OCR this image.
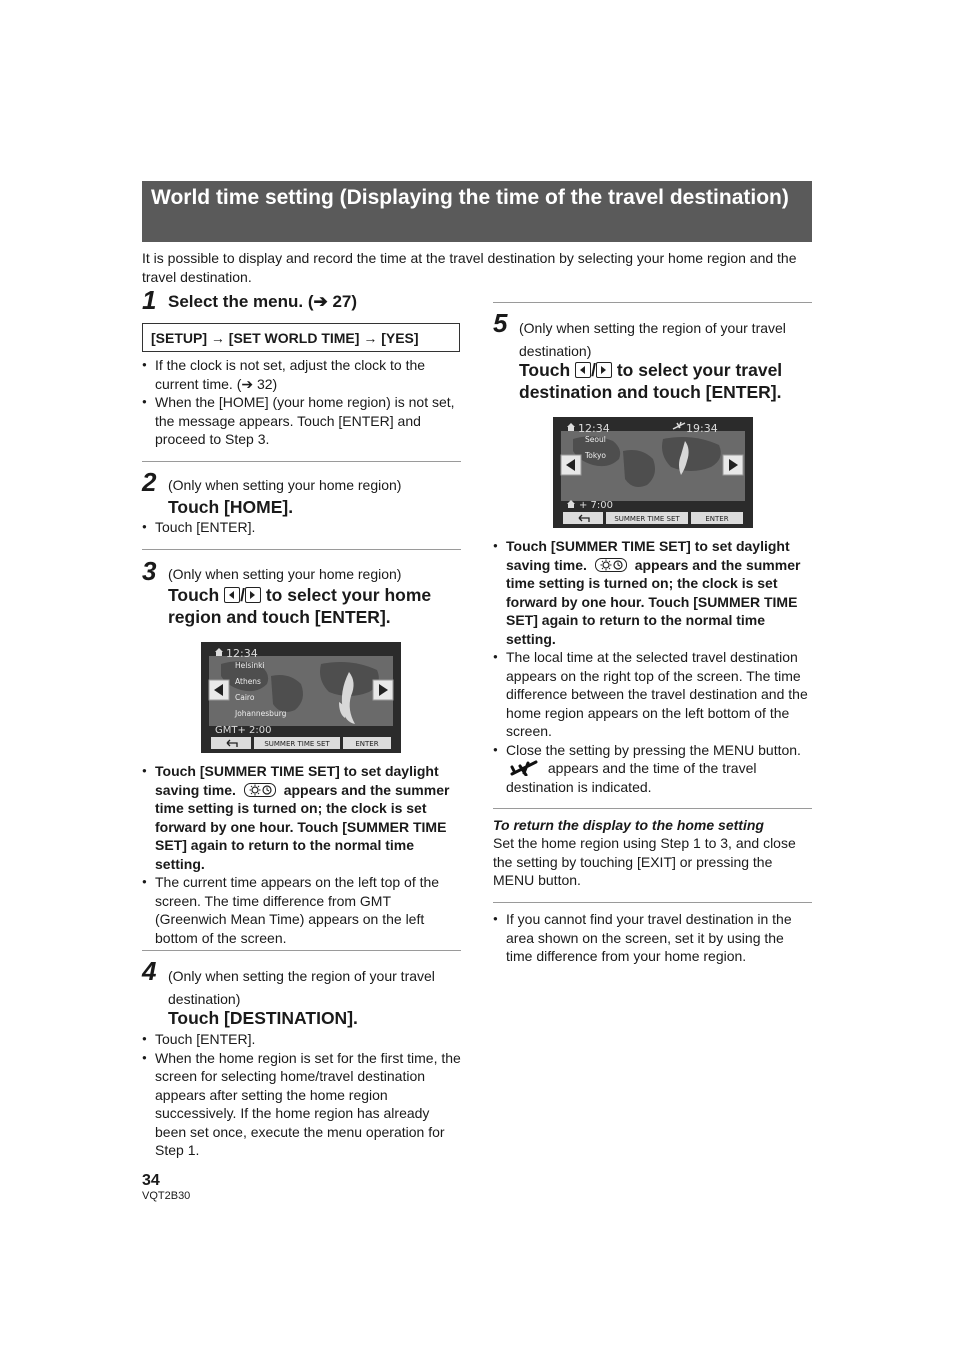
World time setting (Displaying the time of the travel destination)
It is possible to display and record the time at the travel destination by selecting your home region and the travel destination.
1 Select the menu. (➔ 27)
[SETUP] → [SET WORLD TIME] → [YES]
● If the clock is not set, adjust the clock to the current time. (➔ 32)
● When the [HOME] (your home region) is not set, the message appears. Touch [ENTER] and proceed to Step 3.
2 (Only when setting your home region)
Touch [HOME].
● Touch [ENTER].
3 (Only when setting your home region)
Touch / to select your home region and touch [ENTER].
12:34
Helsinki
Athens
Cairo
Johannesburg
GMT+ 2:00
SUMMER TIME SET	ENTER
● Touch [SUMMER TIME SET] to set daylight saving time.	appears and the summer time setting is turned on; the clock is set forward by one hour. Touch [SUMMER TIME SET] again to return to the normal time setting.
● The current time appears on the left top of the screen. The time difference from GMT (Greenwich Mean Time) appears on the left bottom of the screen.
4 (Only when setting the region of your travel destination)
Touch [DESTINATION].
● Touch [ENTER].
● When the home region is set for the first time, the screen for selecting home/travel destination appears after setting the home region successively. If the home region has already been set once, execute the menu operation for Step 1.
5 (Only when setting the region of your travel destination)
Touch / to select your travel destination and touch [ENTER].
12:34	19:34
Seoul
Tokyo
+ 7:00
SUMMER TIME SET	ENTER
● Touch [SUMMER TIME SET] to set daylight saving time.	appears and the summer time setting is turned on; the clock is set forward by one hour. Touch [SUMMER TIME SET] again to return to the normal time setting.
● The local time at the selected travel destination appears on the right top of the screen. The time difference between the travel destination and the home region appears on the left bottom of the screen.
● Close the setting by pressing the MENU button.  appears and the time of the travel destination is indicated.
To return the display to the home setting
Set the home region using Step 1 to 3, and close the setting by touching [EXIT] or pressing the MENU button.
● If you cannot find your travel destination in the area shown on the screen, set it by using the time difference from your home region.
34
VQT2B30
